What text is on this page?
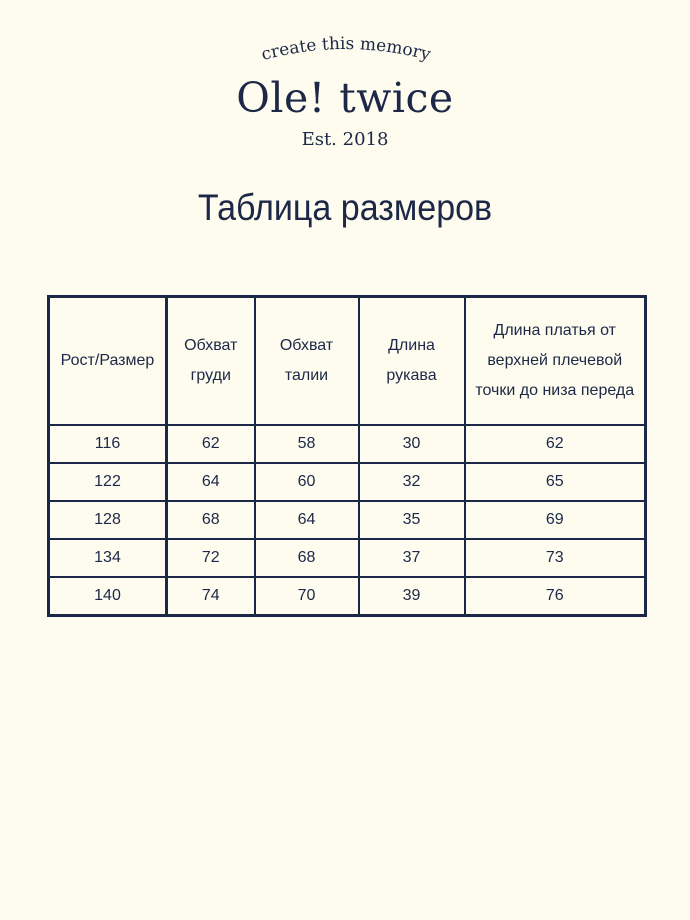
create this memory
Ole! twice
Est. 2018
Таблица размеров
Рост/Размер	Обхват груди	Обхват талии	Длина рукава	Длина платья от верхней плечевой точки до низа переда
116	62	58	30	62
122	64	60	32	65
128	68	64	35	69
134	72	68	37	73
140	74	70	39	76
